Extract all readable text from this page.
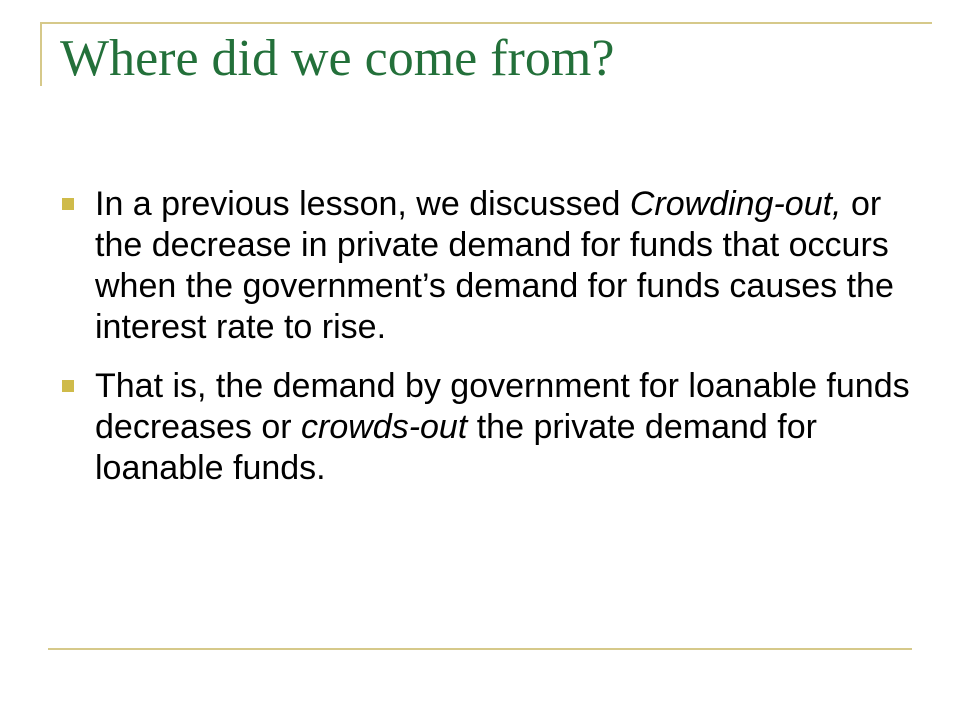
Where did we come from?
In a previous lesson, we discussed Crowding-out, or the decrease in private demand for funds that occurs when the government’s demand for funds causes the interest rate to rise.
That is, the demand by government for loanable funds decreases or crowds-out the private demand for loanable funds.
